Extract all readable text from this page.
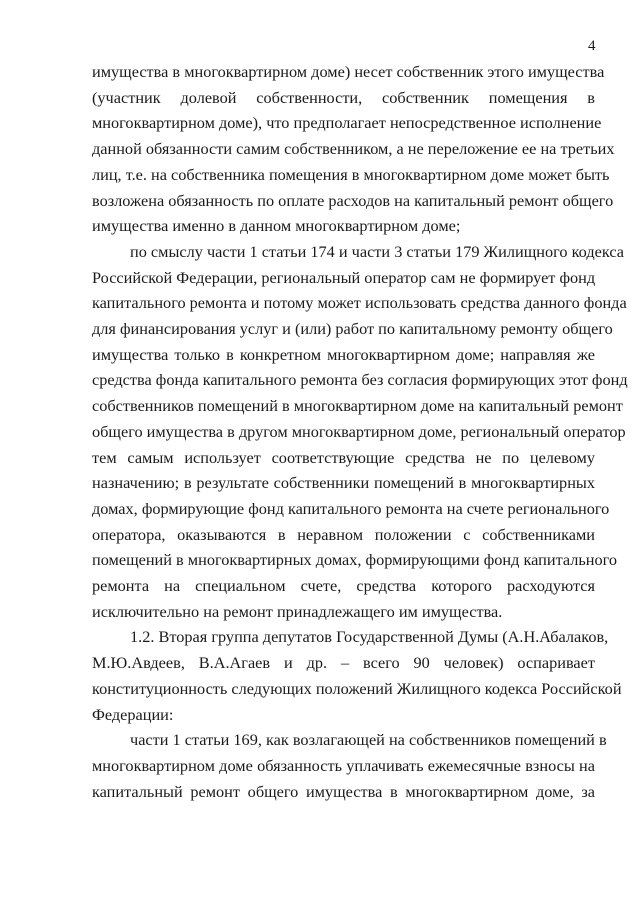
4

имущества в многоквартирном доме) несет собственник этого имущества
(участник долевой собственности, собственник помещения в
многоквартирном доме), что предполагает непосредственное исполнение
данной обязанности самим собственником, а не переложение ее на третьих
лиц, т.е. на собственника помещения в многоквартирном доме может быть
возложена обязанность по оплате расходов на капитальный ремонт общего
имущества именно в данном многоквартирном доме;

по смыслу части 1 статьи 174 и части 3 статьи 179 Жилищного кодекса
Российской Федерации, региональный оператор сам не формирует фонд
капитального ремонта и потому может использовать средства данного фонда
для финансирования услуг и (или) работ по капитальному ремонту общего
имущества только в конкретном многоквартирном доме; направляя же
средства фонда капитального ремонта без согласия формирующих этот фонд
собственников помещений в многоквартирном доме на капитальный ремонт
общего имущества в другом многоквартирном доме, региональный оператор
тем самым использует соответствующие средства не по целевому
назначению; в результате собственники помещений в многоквартирных
домах, формирующие фонд капитального ремонта на счете регионального
оператора, оказываются в неравном положении с собственниками
помещений в многоквартирных домах, формирующими фонд капитального
ремонта на специальном счете, средства которого расходуются
исключительно на ремонт принадлежащего им имущества.

1.2. Вторая группа депутатов Государственной Думы (А.Н.Абалаков,
М.Ю.Авдеев, В.А.Агаев и др. – всего 90 человек) оспаривает
конституционность следующих положений Жилищного кодекса Российской
Федерации:

части 1 статьи 169, как возлагающей на собственников помещений в
многоквартирном доме обязанность уплачивать ежемесячные взносы на
капитальный ремонт общего имущества в многоквартирном доме, за
